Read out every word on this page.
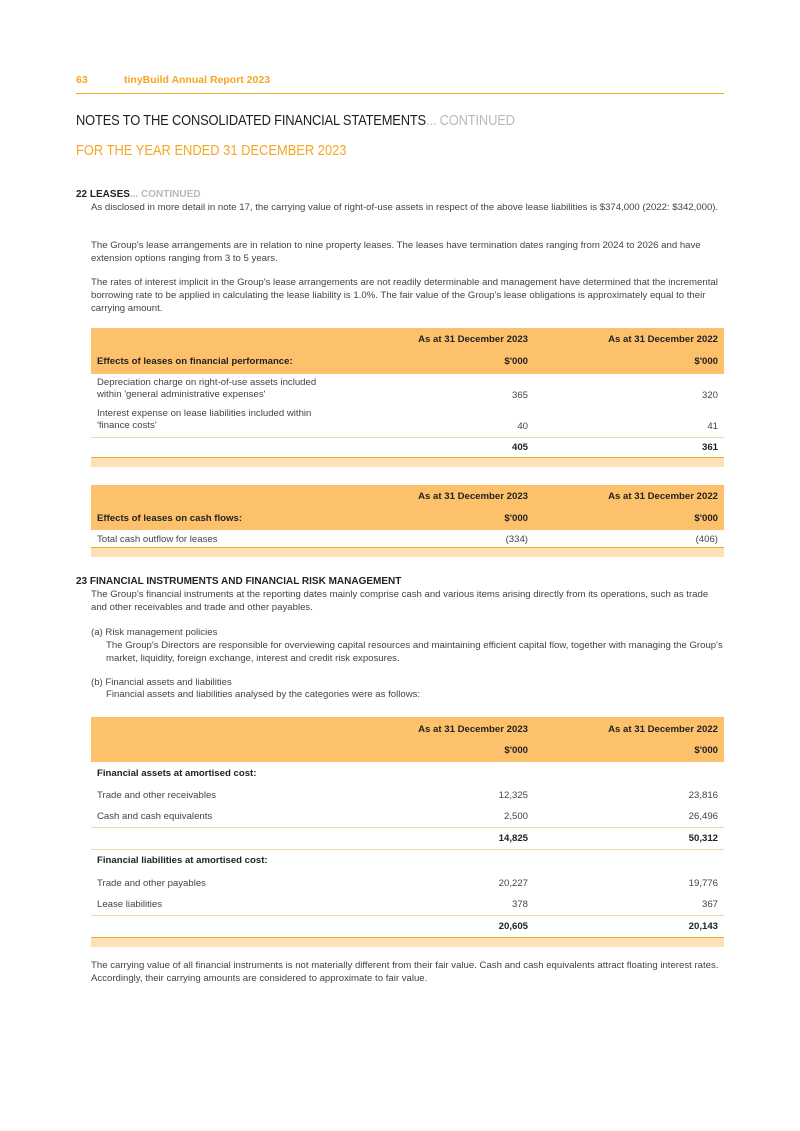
63	tinyBuild Annual Report 2023
NOTES TO THE CONSOLIDATED FINANCIAL STATEMENTS... CONTINUED
FOR THE YEAR ENDED 31 DECEMBER 2023
22 LEASES... CONTINUED
As disclosed in more detail in note 17, the carrying value of right-of-use assets in respect of the above lease liabilities is $374,000 (2022: $342,000).
The Group's lease arrangements are in relation to nine property leases. The leases have termination dates ranging from 2024 to 2026 and have extension options ranging from 3 to 5 years.
The rates of interest implicit in the Group's lease arrangements are not readily determinable and management have determined that the incremental borrowing rate to be applied in calculating the lease liability is 1.0%. The fair value of the Group's lease obligations is approximately equal to their carrying amount.
As at 31 December 2023	As at 31 December 2022
Effects of leases on financial performance:	$'000	$'000
Depreciation charge on right-of-use assets included
within 'general administrative expenses'	365	320
Interest expense on lease liabilities included within
'finance costs'	40	41
405	361
As at 31 December 2023	As at 31 December 2022
Effects of leases on cash flows:	$'000	$'000
Total cash outflow for leases	(334)	(406)
23 FINANCIAL INSTRUMENTS AND FINANCIAL RISK MANAGEMENT
The Group's financial instruments at the reporting dates mainly comprise cash and various items arising directly from its operations, such as trade and other receivables and trade and other payables.
(a) Risk management policies
The Group's Directors are responsible for overviewing capital resources and maintaining efficient capital flow, together with managing the Group's market, liquidity, foreign exchange, interest and credit risk exposures.
(b) Financial assets and liabilities
Financial assets and liabilities analysed by the categories were as follows:
As at 31 December 2023	As at 31 December 2022
$'000	$'000
Financial assets at amortised cost:
Trade and other receivables	12,325	23,816
Cash and cash equivalents	2,500	26,496
14,825	50,312
Financial liabilities at amortised cost:
Trade and other payables	20,227	19,776
Lease liabilities	378	367
20,605	20,143
The carrying value of all financial instruments is not materially different from their fair value. Cash and cash equivalents attract floating interest rates. Accordingly, their carrying amounts are considered to approximate to fair value.
